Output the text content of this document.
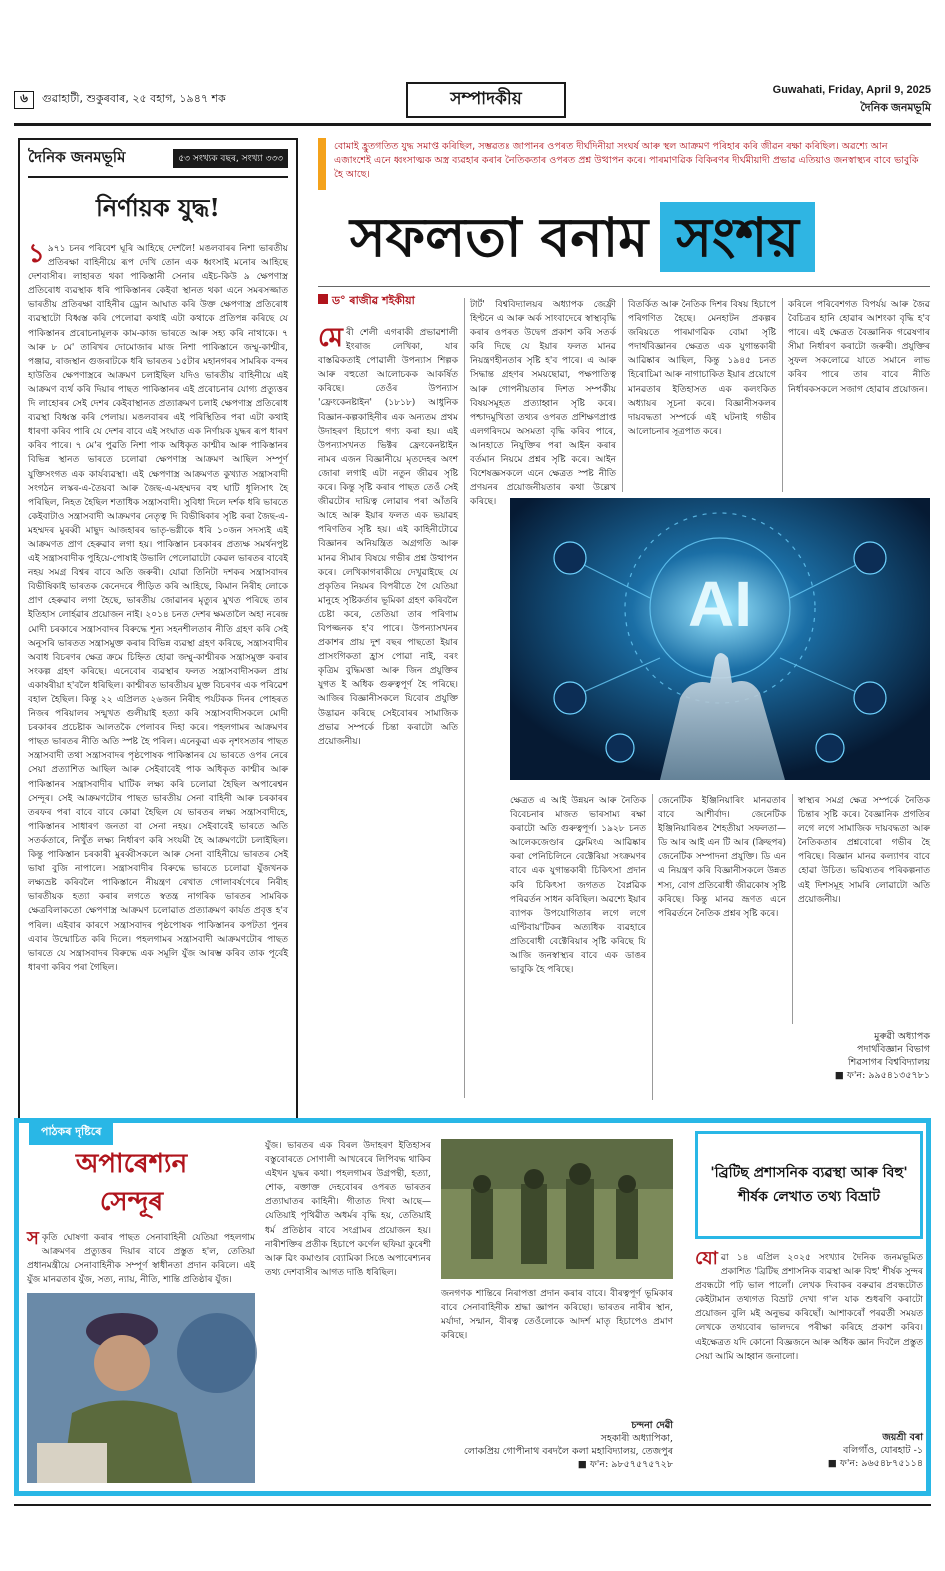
৬	গুৱাহাটী, শুকুৰবাৰ, ২৫ বহাগ, ১৯৪৭ শক	সম্পাদকীয়	Guwahati, Friday, April 9, 2025
দৈনিক জনমভূমি
দৈনিক জনমভূমি	৫৩ সংখ্যক বছৰ, সংখ্যা ৩৩৩
নিৰ্ণায়ক যুদ্ধ!
১ ৯৭১ চনৰ পৰিবেশ ঘূৰি আহিছে দেশলৈ! মঙলবাৰৰ নিশা ভাৰতীয় প্ৰতিৰক্ষা বাহিনীয়ে ৰূপ দেখি তোন এক ধ্বংসাই মনোৰ আহিছে দেশবাসীৰ। লাহাৰত থকা পাকিস্তানী সেনাৰ এইচ-কিউ ৯ ক্ষেপণাস্ত্ৰ প্ৰতিৰোধ ব্যৱস্থাক ধৰি পাকিস্তানৰ কেইবা স্থানত থকা এনে সমৰসজ্জাত ভাৰতীয় প্ৰতিৰক্ষা বাহিনীৰ ড্ৰোন আঘাত কৰি উক্ত ক্ষেপণাস্ত্ৰ প্ৰতিৰোধ ব্যৱস্থাটো বিধ্বস্ত কৰি পেলোৱা কথাই এটা কথাকে প্ৰতিপন্ন কৰিছে যে পাকিস্তানৰ প্ৰৰোচনামূলক কাম-কাজ ভাৰতে আৰু সহ্য কৰি নাথাকে। ৭ আৰু ৮ মে' তাৰিখৰ দোমোজাৰ মাজ নিশা পাকিস্তানে জম্মু-কাশ্মীৰ, পঞ্জাৱ, ৰাজস্থান গুজৰাটকে ধৰি ভাৰতৰ ১৫টাৰ মহানগৰৰ সামৰিক বন্দৰ হাউতিৰ ক্ষেপণাস্ত্ৰৰে আক্ৰমণ চলাইছিল যদিও ভাৰতীয় বাহিনীয়ে এই আক্ৰমণ ব্যৰ্থ কৰি দিয়াৰ পাছত পাকিস্তানৰ এই প্ৰৰোচনাৰ যোগ্য প্ৰত্যুত্তৰ দি লাহোৰৰ সেই দেশৰ কেইবাস্থানত প্ৰত্যাক্ৰমণ চলাই ক্ষেপণাস্ত্ৰ প্ৰতিৰোধ ব্যৱস্থা বিধ্বস্ত কৰি পেলায়। মঙলবাৰৰ এই পৰিস্থিতিৰ পৰা এটা কথাই ধাৰণা কৰিব পাৰি যে দেশৰ বাবে এই সংঘাত এক নিৰ্ণায়ক যুদ্ধৰ ৰূপ ধাৰণ কৰিব পাৰে। ৭ মে'ৰ পুৱতি নিশা পাক অধিকৃত কাশ্মীৰ আৰু পাকিস্তানৰ বিভিন্ন স্থানত ভাৰতে চলোৱা ক্ষেপণাস্ত্ৰ আক্ৰমণ আছিল সম্পূৰ্ণ যুক্তিসংগত এক কাৰ্যব্যৱস্থা। এই ক্ষেপণাস্ত্ৰ আক্ৰমণত কুখ্যাত সন্ত্ৰাসবাদী সংগঠন লস্কৰ-এ-তৈয়বা আৰু জৈছ-এ-মহম্মদৰ বহু ঘাটি ধূলিসাৎ হৈ পৰিছিল, নিহত হৈছিল শতাধিক সন্ত্ৰাসবাদী। সুবিধা দিলে দৰ্শক ধৰি ভাৰতে কেইবাটাও সন্ত্ৰাসবাদী আক্ৰমণৰ নেতৃত্ব দি বিভীষিকাৰ সৃষ্টি কৰা জৈছ-এ-মহম্মদৰ মুৰব্বী মাছুদ আজহাৰৰ ভাতৃ-ভগ্নীকে ধৰি ১০জন সদস্যই এই আক্ৰমণত প্ৰাণ হেৰুৱাব লগা হয়। পাকিস্তান চৰকাৰৰ প্ৰত্যক্ষ সমৰ্থনপুষ্ট এই সন্ত্ৰাসবাদীক পুহিয়ে-পোষাই উভালি পেলোৱাটো কেৱল ভাৰতৰ বাবেই নহয় সমগ্ৰ বিশ্বৰ বাবে অতি জৰুৰী। যোৱা তিনিটা দশকৰ সন্ত্ৰাসবাদৰ বিভীষিকাই ভাৰতক কেনেদৰে পীড়িত কৰি আহিছে, কিমান নিৰীহ লোকে প্ৰাণ হেৰুৱাব লগা হৈছে, ভাৰতীয় জোৱানৰ মৃত্যুৰ মুখত পৰিছে তাৰ ইতিহাস লোৰ্হৱাৰ প্ৰয়োজন নাই। ২০১৪ চনত দেশৰ ক্ষমতালৈ অহা নৰেন্দ্ৰ মোদী চৰকাৰে সন্ত্ৰাসবাদৰ বিৰুদ্ধে শূন্য সহনশীলতাৰ নীতি গ্ৰহণ কৰি সেই অনুসৰি ভাৰতত সন্ত্ৰাসমুক্ত কৰাৰ বিভিন্ন ব্যৱস্থা গ্ৰহণ কৰিছে, সন্ত্ৰাসবাদীৰ অবাধ বিচৰণৰ ক্ষেত্ৰ ক্ৰমে চিহ্নিত হোৱা জম্মু-কাশ্মীৰক সন্ত্ৰাসমুক্ত কৰাৰ সংকল্প গ্ৰহণ কৰিছে। এনেবোৰ ব্যৱস্থাৰ ফলত সন্ত্ৰাসবাদীসকল প্ৰায় একাষৰীয়া হ'বলৈ ধৰিছিল। কাশ্মীৰত ভাৰতীয়ৰ মুক্ত বিচৰণৰ এক পৰিৱেশ বহাল হৈছিল। কিন্তু ২২ এপ্ৰিলত ২৬জন নিৰীহ পৰ্যটকক দিনৰ পোহৰত নিজৰ পৰিয়ালৰ সন্মুখত গুলীয়াই হত্যা কৰি সন্ত্ৰাসবাদীসকলে মোদী চৰকাৰৰ প্ৰচেষ্টাক আলতকৈ পেলাবৰ দিহা কৰে। পহলগামৰ আক্ৰমণৰ পাছত ভাৰতৰ নীতি অতি স্পষ্ট হৈ পৰিল। এনেকুৱা এক নৃশংসতাৰ পাছত সন্ত্ৰাসবাদী তথা সন্ত্ৰাসবাদৰ পৃষ্ঠপোষক পাকিস্তানৰ যে ভাৰতে ওপৰ নেৰে সেয়া প্ৰত্যাশিত আছিল আৰু সেইবাবেই পাক অধিকৃত কাশ্মীৰ আৰু পাকিস্তানৰ সন্ত্ৰাসবাদীৰ ঘাটিক লক্ষ্য কৰি চলোৱা হৈছিল অপাৰেশ্বন সেন্দূৰ। সেই আক্ৰমণটোৰ পাছত ভাৰতীয় সেনা বাহিনী আৰু চৰকাৰৰ তৰফৰ পৰা বাবে বাবে কোৱা হৈছিল যে ভাৰতৰ লক্ষ্য সন্ত্ৰাসবাদীহে, পাকিস্তানৰ সাধাৰণ জনতা বা সেনা নহয়। সেইবাবেই ভাৰতে অতি সতৰ্কতাৰে, নিৰ্খুঁত লক্ষ্য নিৰ্ধাৰণ কৰি সংযমী হৈ আক্ৰমণটো চলাইছিল। কিন্তু পাকিস্তান চৰকাৰী মুৰব্বীসকলে আৰু সেনা বাহিনীয়ে ভাৰতৰ সেই ভাষা বুজি নাপালে। সন্ত্ৰাসবাদীৰ বিৰুদ্ধে ভাৰতে চলোৱা যুঁজখনক লক্ষ্যভ্ৰষ্ট কৰিবলৈ পাকিস্তানে নীয়ন্ত্ৰণ ৰেখাত গোলাবৰ্ষণেৰে নিৰীহ ভাৰতীয়ক হত্যা কৰাৰ লগতে স্বতন্ত্ৰ নাগৰিক ভাৰতৰ সামৰিক ক্ষেত্ৰবিলাকতো ক্ষেপণাস্ত্ৰ আক্ৰমণ চলোৱাত প্ৰত্যাক্ৰমণ কাৰ্যত প্ৰবৃত্ত হ'ব পৰিল। এইবাৰ কাৰণে সন্ত্ৰাসবাদৰ পৃষ্ঠপোষক পাকিস্তানৰ কপটতা পুনৰ এবাৰ উন্মোচিত কৰি দিলে। পহলগামৰ সন্ত্ৰাসবাদী আক্ৰমণটোৰ পাছত ভাৰতে যে সন্ত্ৰাসবাদৰ বিৰুদ্ধে এক সমূলি যুঁজ আৰম্ভ কৰিব তাক পূৰ্বেই ধাৰণা কৰিব পৰা গৈছিল।
বোমাই হ্ৰুতগতিত যুদ্ধ সমাপ্ত কৰিছিল, সম্ভৱতঃ জাপানৰ ওপৰত দীৰ্ঘদিনীয়া সংঘৰ্ষ আৰু স্থল আক্ৰমণ পৰিহাৰ কৰি জীৱন ৰক্ষা কৰিছিল। অৱশ্যে আন এজাংশেই এনে ধ্বংসাত্মক অস্ত্ৰ ব্যৱহাৰ কৰাৰ নৈতিকতাৰ ওপৰত প্ৰশ্ন উত্থাপন কৰে। পাৰমাণৱিক বিকিৰণৰ দীৰ্ঘমীয়াদী প্ৰভাৱ এতিয়াও জনস্বাস্থ্যৰ বাবে ভাবুকি হৈ আছে।
সফলতা বনাম সংশয়
ড° ৰাজীৱ শইকীয়া
মেৰী শেলী এগৰাকী প্ৰভাৱশালী ইংৰাজ লেখিকা, যাৰ বাস্তৱিকতাই পোৱালী উপন্যাস শিল্পক আৰু বহুতো আলোচকক আকৰ্ষিত কৰিছে। তেওঁৰ উপন্যাস 'ফ্ৰেংকেনষ্টাইন' (১৮১৮) আধুনিক বিজ্ঞান-কল্পকাহিনীৰ এক অন্যতম প্ৰথম উদাহৰণ হিচাপে গণ্য কৰা হয়। এই উপন্যাসখনত ভিক্টৰ ফ্ৰেংকেনষ্টাইন নামৰ এজন বিজ্ঞানীয়ে মৃতদেহৰ অংশ জোৰা লগাই এটা নতুন জীৱৰ সৃষ্টি কৰে। কিন্তু সৃষ্টি কৰাৰ পাছত তেওঁ সেই জীৱটোৰ দায়িত্ব লোৱাৰ পৰা আঁতৰি আহে আৰু ইয়াৰ ফলত এক ভয়াৱহ পৰিণতিৰ সৃষ্টি হয়। এই কাহিনীটোৱে বিজ্ঞানৰ অনিয়ন্ত্ৰিত অগ্ৰগতি আৰু মানৱ সীমাৰ বিষয়ে গভীৰ প্ৰশ্ন উত্থাপন কৰে। লেখিকাগৰাকীয়ে দেখুৱাইছে যে প্ৰকৃতিৰ নিয়মৰ বিপৰীতে গৈ যেতিয়া মানুহে সৃষ্টিকৰ্তাৰ ভূমিকা গ্ৰহণ কৰিবলৈ চেষ্টা কৰে, তেতিয়া তাৰ পৰিণাম বিপজ্জনক হ'ব পাৰে। উপন্যাসখনৰ প্ৰকাশৰ প্ৰায় দুশ বছৰ পাছতো ইয়াৰ প্ৰাসংগিকতা হ্ৰাস পোৱা নাই, বৰং কৃত্ৰিম বুদ্ধিমত্তা আৰু জিন প্ৰযুক্তিৰ যুগত ই অধিক গুৰুত্বপূৰ্ণ হৈ পৰিছে। আজিৰ বিজ্ঞানীসকলে যিবোৰ প্ৰযুক্তি উদ্ভাৱন কৰিছে সেইবোৰৰ সামাজিক প্ৰভাৱ সম্পৰ্কে চিন্তা কৰাটো অতি প্ৰয়োজনীয়।
টাৰ্ট' বিশ্ববিদ্যালয়ৰ অধ্যাপক জেফ্ৰী হিণ্টনে এ আৰু অৰ্ক সাংবাদেৰে স্বাস্থ্যবৃদ্ধি কৰাৰ ওপৰত উদ্বেগ প্ৰকাশ কৰি সতৰ্ক কৰি দিছে যে ইয়াৰ ফলত মানৱ নিয়ন্ত্ৰণহীনতাৰ সৃষ্টি হ'ব পাৰে। এ আৰু সিদ্ধান্ত গ্ৰহণৰ সময়ছোৱা, পক্ষপাতিত্ব আৰু গোপনীয়তাৰ দিশত সম্পৰ্কীয় বিষয়সমূহত প্ৰত্যাহ্বান সৃষ্টি কৰে। পশ্চাদমুখিতা তথ্যৰ ওপৰত প্ৰশিক্ষণপ্ৰাপ্ত এলগৰিদমে অসমতা বৃদ্ধি কৰিব পাৰে, আনহাতে নিযুক্তিৰ পৰা আইন কৰাৰ বৰ্তমান নিয়মে প্ৰশ্নৰ সৃষ্টি কৰে। আইন বিশেষজ্ঞসকলে এনে ক্ষেত্ৰত স্পষ্ট নীতি প্ৰণয়নৰ প্ৰয়োজনীয়তাৰ কথা উল্লেখ কৰিছে।
বিতৰ্কিত আৰু নৈতিক দিশৰ বিষয় হিচাপে পৰিগণিত হৈছে। মেনহাটন প্ৰকল্পৰ জৰিয়তে পাৰমাণৱিক বোমা সৃষ্টি পদাৰ্থবিজ্ঞানৰ ক্ষেত্ৰত এক যুগান্তকাৰী আৱিষ্কাৰ আছিল, কিন্তু ১৯৪৫ চনত হিৰোচিমা আৰু নাগাচাকিত ইয়াৰ প্ৰয়োগে মানৱতাৰ ইতিহাসত এক কলংকিত অধ্যায়ৰ সূচনা কৰে। বিজ্ঞানীসকলৰ দায়বদ্ধতা সম্পৰ্কে এই ঘটনাই গভীৰ আলোচনাৰ সূত্ৰপাত কৰে।
কৰিলে পৰিবেশগত বিপৰ্যয় আৰু জৈৱ বৈচিত্ৰৰ হানি হোৱাৰ আশংকা বৃদ্ধি হ'ব পাৰে। এই ক্ষেত্ৰত বৈজ্ঞানিক গৱেষণাৰ সীমা নিৰ্ধাৰণ কৰাটো জৰুৰী। প্ৰযুক্তিৰ সুফল সকলোৱে যাতে সমানে লাভ কৰিব পাৰে তাৰ বাবে নীতি নিৰ্ধাৰকসকলে সজাগ হোৱাৰ প্ৰয়োজন।
AI
ক্ষেত্ৰত এ আই উন্নয়ন আৰু নৈতিক বিবেচনাৰ মাজত ভাৰসাম্য ৰক্ষা কৰাটো অতি গুৰুত্বপূৰ্ণ। ১৯২৮ চনত আলেকজেণ্ডাৰ ফ্লেমিংএ আৱিষ্কাৰ কৰা পেনিচিলিনে বেক্টেৰিয়া সংক্ৰমণৰ বাবে এক যুগান্তকাৰী চিকিৎসা প্ৰদান কৰি চিকিৎসা জগতত বৈপ্লৱিক পৰিৱৰ্তন সাধন কৰিছিল। অৱশ্যে ইয়াৰ ব্যাপক উপযোগিতাৰ লগে লগে এণ্টিবায়'টিকৰ অত্যধিক ব্যৱহাৰে প্ৰতিৰোধী বেক্টেৰিয়াৰ সৃষ্টি কৰিছে যি আজি জনস্বাস্থ্যৰ বাবে এক ডাঙৰ ভাবুকি হৈ পৰিছে।
জেনেটিক ইঞ্জিনিয়াৰিং মানৱতাৰ বাবে আশীৰ্বাদ। জেনেটিক ইঞ্জিনিয়াৰিঙৰ শৈহতীয়া সফলতা— ডি আৰ আই এন টি আৰ (ক্ৰিছপৰ) জেনেটিক সম্পাদনা প্ৰযুক্তি। ডি এন এ নিয়ন্ত্ৰণ কৰি বিজ্ঞানীসকলে উন্নত শস্য, বোগ প্ৰতিৰোধী জীৱকোষ সৃষ্টি কৰিছে। কিন্তু মানৱ ভ্ৰূণত এনে পৰিৱৰ্তনে নৈতিক প্ৰশ্নৰ সৃষ্টি কৰে।
স্বাস্থ্যৰ সমগ্ৰ ক্ষেত্ৰ সম্পৰ্কে নৈতিক চিন্তাৰ সৃষ্টি কৰে। বৈজ্ঞানিক প্ৰগতিৰ লগে লগে সামাজিক দায়বদ্ধতা আৰু নৈতিকতাৰ প্ৰশ্নবোৰো গভীৰ হৈ পৰিছে। বিজ্ঞান মানৱ কল্যাণৰ বাবে হোৱা উচিত। ভৱিষ্যতৰ পৰিকল্পনাত এই দিশসমূহ সামৰি লোৱাটো অতি প্ৰয়োজনীয়।
মুৰুৱী অধ্যাপক
পদাৰ্থবিজ্ঞান বিভাগ
শিৱসাগৰ বিশ্ববিদ্যালয়
■ ফ'ন: ৯৯৫৪১৩৫৭৮১
পাঠকৰ দৃষ্টিৰে
অপাৰেশ্যন
সেন্দূৰ
সকৃতি ঘোষণা কৰাৰ পাছত সেনাবাহিনী যেতিয়া পহলগাম আক্ৰমণৰ প্ৰত্যুত্তৰ দিয়াৰ বাবে প্ৰস্তুত হ'ল, তেতিয়া প্ৰধানমন্ত্ৰীয়ে সেনাবাহিনীক সম্পূৰ্ণ স্বাধীনতা প্ৰদান কৰিলে। এই যুঁজ মানৱতাৰ যুঁজ, সত্য, ন্যায়, নীতি, শান্তি প্ৰতিষ্ঠাৰ যুঁজ।
যুঁজ। ভাৰতৰ এক বিৰল উদাহৰণ ইতিহাসৰ বস্তুবোৰতে সোণালী আখৰেৰে লিপিবদ্ধ থাকিব এইখন যুদ্ধৰ কথা। পহলগামৰ উগ্ৰপন্থী, হত্যা, শোক, ৰক্তাক্ত দেহবোৰৰ ওপৰত ভাৰতৰ প্ৰত্যাঘাতৰ কাহিনী। গীতাত দিখা আছে— যেতিয়াই পৃথিৱীত অধৰ্মৰ বৃদ্ধি হয়, তেতিয়াই ধৰ্ম প্ৰতিষ্ঠাৰ বাবে সংগ্ৰামৰ প্ৰয়োজন হয়। নাৰীশক্তিৰ প্ৰতীক হিচাপে কৰ্ণেল ছফিয়া কুৰেশী আৰু ৱিং কমাণ্ডাৰ ব্যোমিকা সিঙে অপাৰেশ্যনৰ তথ্য দেশবাসীৰ আগত দাঙি ধৰিছিল।
জনগণক শান্তিৰে নিৰাপত্তা প্ৰদান কৰাৰ বাবে। বীৰত্বপূৰ্ণ ভূমিকাৰ বাবে সেনাবাহিনীক শ্ৰদ্ধা জ্ঞাপন কৰিছো। ভাৰতৰ নাৰীৰ স্থান, মৰ্যাদা, সন্মান, বীৰত্ব তেওঁলোকে আদৰ্শ মাতৃ হিচাপেও প্ৰমাণ কৰিছে।
চন্দনা দেৱী
সহকাৰী অধ্যাপিকা,
লোকপ্ৰিয় গোপীনাথ বৰদলৈ কলা মহাবিদ্যালয়, তেজপুৰ
■ ফ'ন: ৯৮৫৭৫৭৫৭২৮
'ব্ৰিটিছ প্ৰশাসনিক ব্যৱস্থা আৰু বিহু' শীৰ্ষক লেখাত তথ্য বিভ্ৰাট
যোৱা ১৪ এপ্ৰিল ২০২৫ সংখ্যাৰ দৈনিক জনমভূমিত প্ৰকাশিত 'ব্ৰিটিছ প্ৰশাসনিক ব্যৱস্থা আৰু বিহু' শীৰ্ষক সুন্দৰ প্ৰবন্ধটো পঢ়ি ভাল পালোঁ। লেখক দিবাকৰ বৰুৱাৰ প্ৰবন্ধটোত কেইটামান তথ্যগত বিভ্ৰাট দেখা গ'ল যাক শুধৰণি কৰাটো প্ৰয়োজন বুলি মই অনুভৱ কৰিছোঁ। আশাকৰোঁ পৰৱৰ্তী সময়ত লেখকে তথ্যবোৰ ভালদৰে পৰীক্ষা কৰিহে প্ৰকাশ কৰিব। এইক্ষেত্ৰত যদি কোনো বিজ্ঞজনে আৰু অধিক জ্ঞান দিবলৈ প্ৰস্তুত সেয়া আমি আহ্বান জনালো।
জয়শ্ৰী বৰা
বলিগাঁও, যোৰহাট -১
■ ফ'ন: ৯৬৫৪৮৭৫১১৪
